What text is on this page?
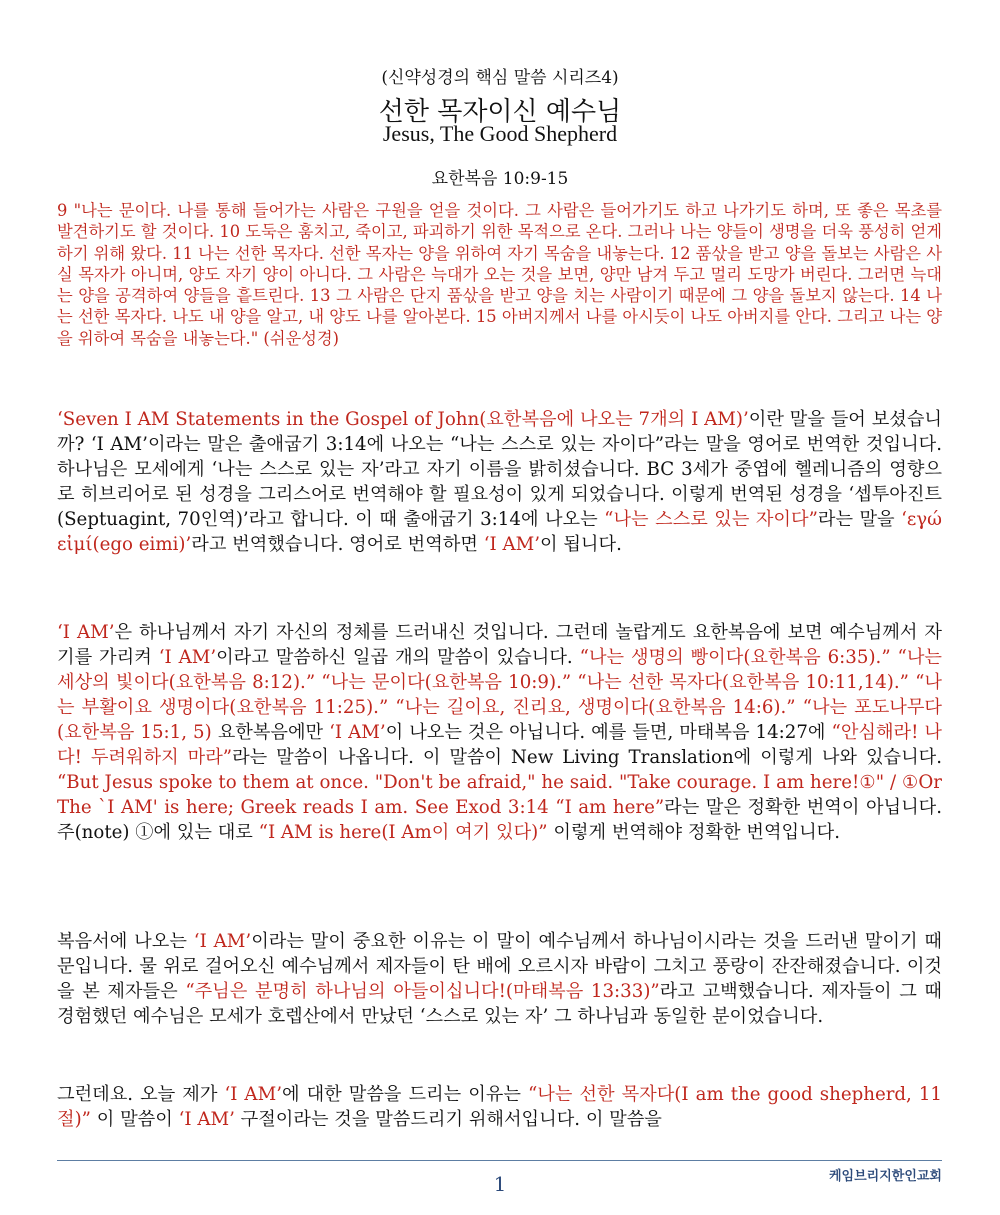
(신약성경의 핵심 말씀 시리즈4)
선한 목자이신 예수님
Jesus, The Good Shepherd
요한복음 10:9-15

9 "나는 문이다. 나를 통해 들어가는 사람은 구원을 얻을 것이다. 그 사람은 들어가기도 하고 나가기도 하며, 또 좋은 목초를 발견하기도 할 것이다. 10 도둑은 훔치고, 죽이고, 파괴하기 위한 목적으로 온다. 그러나 나는 양들이 생명을 더욱 풍성히 얻게 하기 위해 왔다. 11 나는 선한 목자다. 선한 목자는 양을 위하여 자기 목숨을 내놓는다. 12 품삯을 받고 양을 돌보는 사람은 사실 목자가 아니며, 양도 자기 양이 아니다. 그 사람은 늑대가 오는 것을 보면, 양만 남겨 두고 멀리 도망가 버린다. 그러면 늑대는 양을 공격하여 양들을 흩트린다. 13 그 사람은 단지 품삯을 받고 양을 치는 사람이기 때문에 그 양을 돌보지 않는다. 14 나는 선한 목자다. 나도 내 양을 알고, 내 양도 나를 알아본다. 15 아버지께서 나를 아시듯이 나도 아버지를 안다. 그리고 나는 양을 위하여 목숨을 내놓는다." (쉬운성경)

‘Seven I AM Statements in the Gospel of John(요한복음에 나오는 7개의 I AM)’이란 말을 들어 보셨습니까? ‘I AM’이라는 말은 출애굽기 3:14에 나오는 “나는 스스로 있는 자이다”라는 말을 영어로 번역한 것입니다. 하나님은 모세에게 ‘나는 스스로 있는 자’라고 자기 이름을 밝히셨습니다. BC 3세가 중엽에 헬레니즘의 영향으로 히브리어로 된 성경을 그리스어로 번역해야 할 필요성이 있게 되었습니다. 이렇게 번역된 성경을 ‘셉투아진트(Septuagint, 70인역)’라고 합니다. 이 때 출애굽기 3:14에 나오는 “나는 스스로 있는 자이다”라는 말을 ‘εγώ εἰμί(ego eimi)’라고 번역했습니다. 영어로 번역하면 ‘I AM’이 됩니다.

‘I AM’은 하나님께서 자기 자신의 정체를 드러내신 것입니다. 그런데 놀랍게도 요한복음에 보면 예수님께서 자기를 가리켜 ‘I AM’이라고 말씀하신 일곱 개의 말씀이 있습니다. “나는 생명의 빵이다(요한복음 6:35).” “나는 세상의 빛이다(요한복음 8:12).” “나는 문이다(요한복음 10:9).” “나는 선한 목자다(요한복음 10:11,14).” “나는 부활이요 생명이다(요한복음 11:25).” “나는 길이요, 진리요, 생명이다(요한복음 14:6).” “나는 포도나무다(요한복음 15:1, 5) 요한복음에만 ‘I AM’이 나오는 것은 아닙니다. 예를 들면, 마태복음 14:27에 “안심해라! 나다! 두려워하지 마라”라는 말씀이 나옵니다. 이 말씀이 New Living Translation에 이렇게 나와 있습니다. “But Jesus spoke to them at once. "Don't be afraid," he said. "Take courage. I am here!①" / ①Or The `I AM' is here; Greek reads I am. See Exod 3:14 “I am here”라는 말은 정확한 번역이 아닙니다. 주(note) ①에 있는 대로 “I AM is here(I Am이 여기 있다)” 이렇게 번역해야 정확한 번역입니다.

복음서에 나오는 ‘I AM’이라는 말이 중요한 이유는 이 말이 예수님께서 하나님이시라는 것을 드러낸 말이기 때문입니다. 물 위로 걸어오신 예수님께서 제자들이 탄 배에 오르시자 바람이 그치고 풍랑이 잔잔해졌습니다. 이것을 본 제자들은 “주님은 분명히 하나님의 아들이십니다!(마태복음 13:33)”라고 고백했습니다. 제자들이 그 때 경험했던 예수님은 모세가 호렙산에서 만났던 ‘스스로 있는 자’ 그 하나님과 동일한 분이었습니다.

그런데요. 오늘 제가 ‘I AM’에 대한 말씀을 드리는 이유는 “나는 선한 목자다(I am the good shepherd, 11절)” 이 말씀이 ‘I AM’ 구절이라는 것을 말씀드리기 위해서입니다. 이 말씀을

1	케임브리지한인교회
